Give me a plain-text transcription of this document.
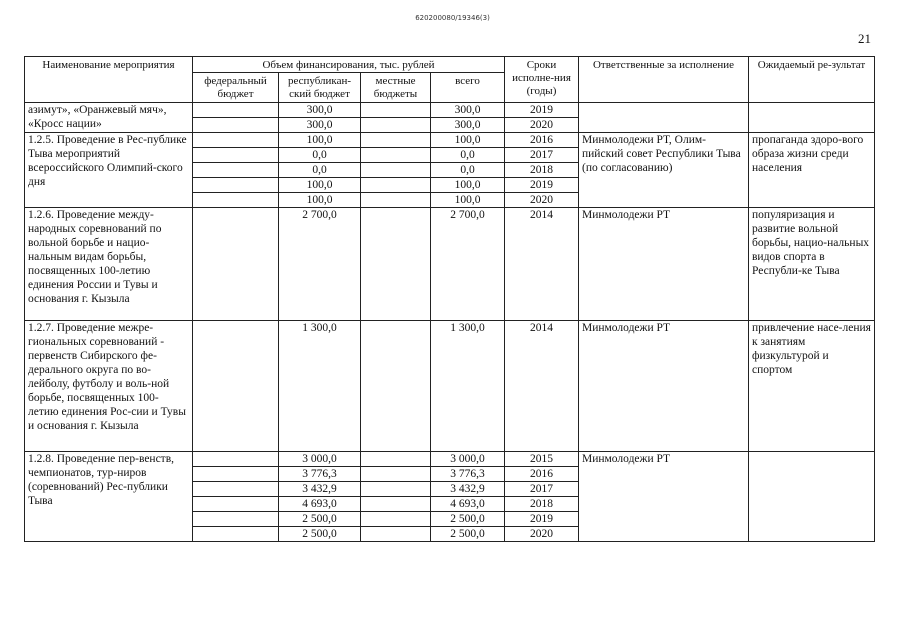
620200080/19346(3)
21
Наименование мероприятия	Объем финансирования, тыс. рублей				Сроки исполне-ния (годы)	Ответственные за исполнение	Ожидаемый ре-зультат
	федеральный бюджет	республикан-ский бюджет	местные бюджеты	всего			
азимут», «Оранжевый мяч», «Кросс нации»		300,0		300,0	2019		
		300,0		300,0	2020		
1.2.5. Проведение в Рес-публике Тыва мероприятий всероссийского Олимпий-ского дня		100,0		100,0	2016	Минмолодежи РТ, Олим-пийский совет Республики Тыва (по согласованию)	пропаганда здоро-вого образа жизни среди населения
		0,0		0,0	2017		
		0,0		0,0	2018		
		100,0		100,0	2019		
		100,0		100,0	2020		
1.2.6. Проведение между-народных соревнований по вольной борьбе и нацио-нальным видам борьбы, посвященных 100-летию единения России и Тувы и основания г. Кызыла		2 700,0		2 700,0	2014	Минмолодежи РТ	популяризация и развитие вольной борьбы, нацио-нальных видов спорта в Республи-ке Тыва
1.2.7. Проведение межре-гиональных соревнований - первенств Сибирского фе-дерального округа по во-лейболу, футболу и воль-ной борьбе, посвященных 100-летию единения Рос-сии и Тувы и основания г. Кызыла		1 300,0		1 300,0	2014	Минмолодежи РТ	привлечение насе-ления к занятиям физкультурой и спортом
1.2.8. Проведение пер-венств, чемпионатов, тур-ниров (соревнований) Рес-публики Тыва		3 000,0		3 000,0	2015	Минмолодежи РТ	
		3 776,3		3 776,3	2016		
		3 432,9		3 432,9	2017		
		4 693,0		4 693,0	2018		
		2 500,0		2 500,0	2019		
		2 500,0		2 500,0	2020		
